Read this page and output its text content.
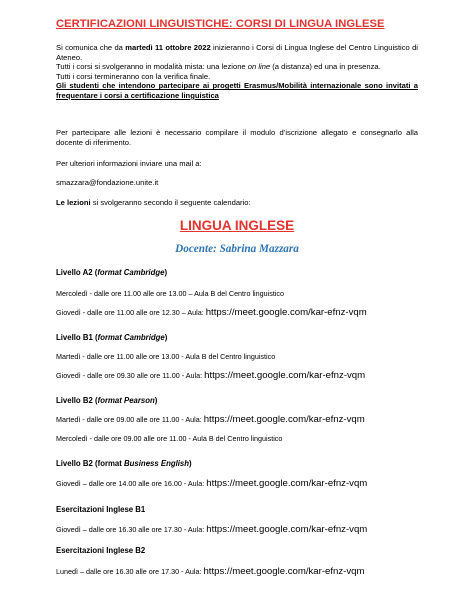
CERTIFICAZIONI LINGUISTICHE: CORSI DI LINGUA INGLESE

Si comunica che da martedì 11 ottobre 2022 inizieranno i Corsi di Lingua Inglese del Centro Linguistico di Ateneo.

Tutti i corsi si svolgeranno in modalità mista: una lezione on line (a distanza) ed una in presenza.

Tutti i corsi termineranno con la verifica finale.

Gli studenti che intendono partecipare ai progetti Erasmus/Mobilità internazionale sono invitati a frequentare i corsi a certificazione linguistica

Per partecipare alle lezioni è necessario compilare il modulo d’iscrizione allegato e consegnarlo alla docente di riferimento.

Per ulteriori informazioni inviare una mail a:

smazzara@fondazione.unite.it

Le lezioni si svolgeranno secondo il seguente calendario:

LINGUA INGLESE
Docente: Sabrina Mazzara
Livello A2 (format Cambridge)
Mercoledì - dalle ore 11.00 alle ore 13.00 – Aula B del Centro linguistico
Giovedì - dalle ore 11.00 alle ore 12.30 – Aula: https://meet.google.com/kar-efnz-vqm
Livello B1 (format Cambridge)
Martedì - dalle ore 11.00 alle ore 13.00 - Aula B del Centro linguistico
Giovedì - dalle ore 09.30 alle ore 11.00 - Aula: https://meet.google.com/kar-efnz-vqm
Livello B2 (format Pearson)
Martedì - dalle ore 09.00 alle ore 11.00 - Aula: https://meet.google.com/kar-efnz-vqm
Mercoledì - dalle ore 09.00 alle ore 11.00 - Aula B del Centro linguistico
Livello B2 (format Business English)
Giovedì – dalle ore 14.00 alle ore 16.00 - Aula: https://meet.google.com/kar-efnz-vqm
Esercitazioni Inglese B1
Giovedì – dalle ore 16.30 alle ore 17.30 - Aula: https://meet.google.com/kar-efnz-vqm
Esercitazioni Inglese B2
Lunedì – dalle ore 16.30 alle ore 17.30 - Aula: https://meet.google.com/kar-efnz-vqm
